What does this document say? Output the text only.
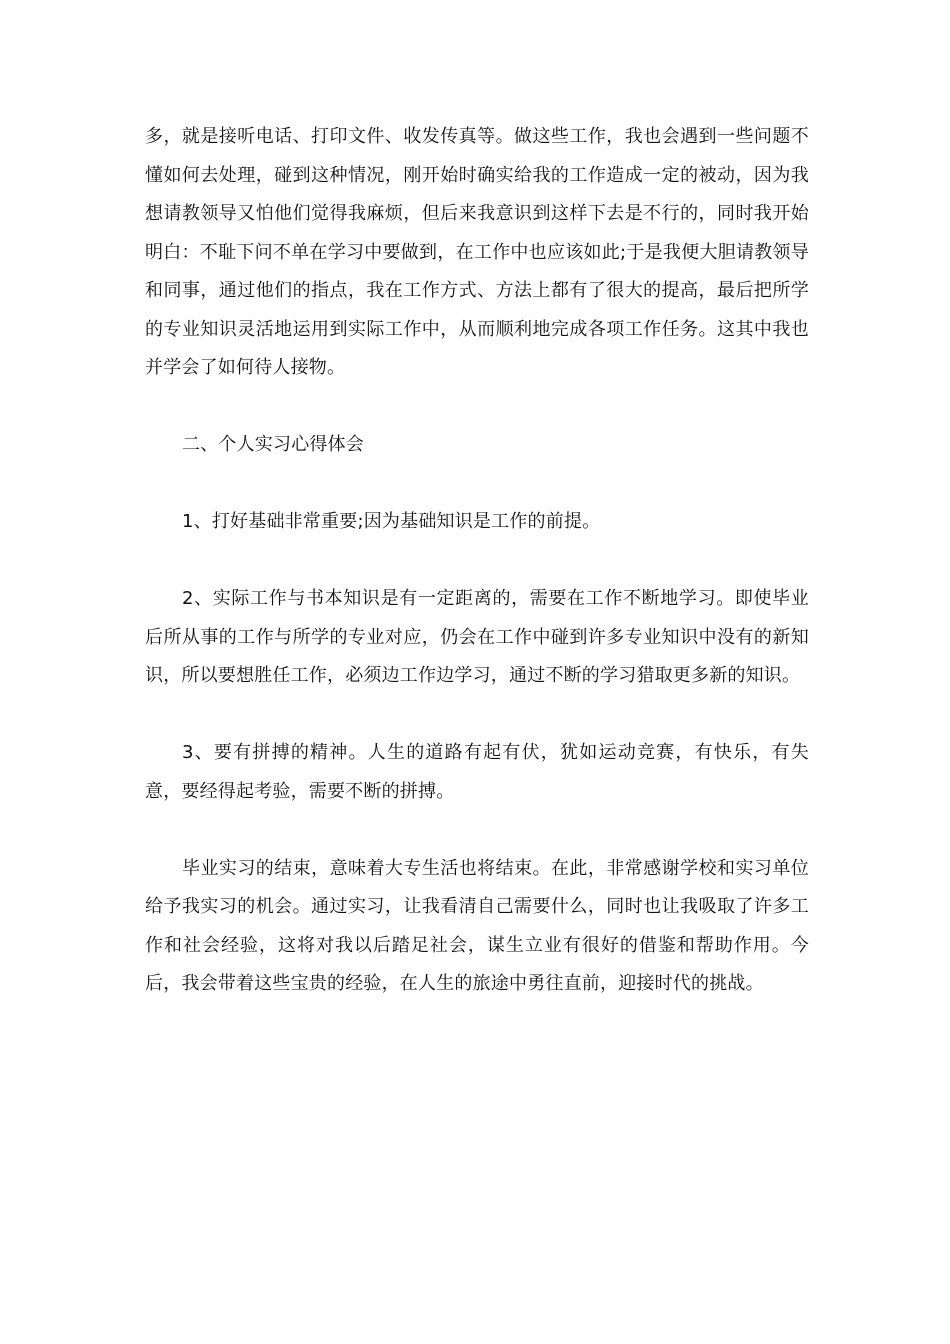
多，就是接听电话、打印文件、收发传真等。做这些工作，我也会遇到一些问题不懂如何去处理，碰到这种情况，刚开始时确实给我的工作造成一定的被动，因为我想请教领导又怕他们觉得我麻烦，但后来我意识到这样下去是不行的，同时我开始明白：不耻下问不单在学习中要做到，在工作中也应该如此;于是我便大胆请教领导和同事，通过他们的指点，我在工作方式、方法上都有了很大的提高，最后把所学的专业知识灵活地运用到实际工作中，从而顺利地完成各项工作任务。这其中我也并学会了如何待人接物。

二、个人实习心得体会

1、打好基础非常重要;因为基础知识是工作的前提。

2、实际工作与书本知识是有一定距离的，需要在工作不断地学习。即使毕业后所从事的工作与所学的专业对应，仍会在工作中碰到许多专业知识中没有的新知识，所以要想胜任工作，必须边工作边学习，通过不断的学习猎取更多新的知识。

3、要有拼搏的精神。人生的道路有起有伏，犹如运动竞赛，有快乐，有失意，要经得起考验，需要不断的拼搏。

毕业实习的结束，意味着大专生活也将结束。在此，非常感谢学校和实习单位给予我实习的机会。通过实习，让我看清自己需要什么，同时也让我吸取了许多工作和社会经验，这将对我以后踏足社会，谋生立业有很好的借鉴和帮助作用。今后，我会带着这些宝贵的经验，在人生的旅途中勇往直前，迎接时代的挑战。
